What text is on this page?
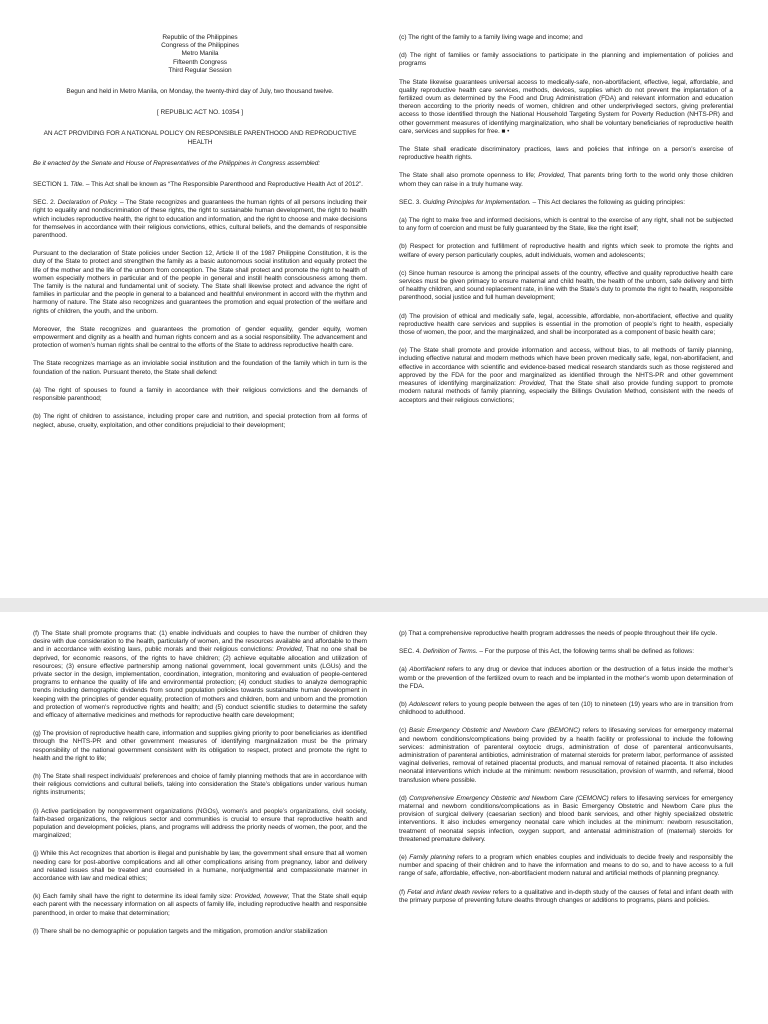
Republic of the Philippines

Congress of the Philippines

Metro Manila

Fifteenth Congress

Third Regular Session

Begun and held in Metro Manila, on Monday, the twenty-third day of July, two thousand twelve.

[ REPUBLIC ACT NO. 10354 ]

AN ACT PROVIDING FOR A NATIONAL POLICY ON RESPONSIBLE PARENTHOOD AND REPRODUCTIVE HEALTH

Be it enacted by the Senate and House of Representatives of the Philippines in Congress assembled:

SECTION 1. Title. – This Act shall be known as “The Responsible Parenthood and Reproductive Health Act of 2012”.

SEC. 2. Declaration of Policy. – The State recognizes and guarantees the human rights of all persons including their right to equality and nondiscrimination of these rights, the right to sustainable human development, the right to health which includes reproductive health, the right to education and information, and the right to choose and make decisions for themselves in accordance with their religious convictions, ethics, cultural beliefs, and the demands of responsible parenthood.

Pursuant to the declaration of State policies under Section 12, Article II of the 1987 Philippine Constitution, it is the duty of the State to protect and strengthen the family as a basic autonomous social institution and equally protect the life of the mother and the life of the unborn from conception. The State shall protect and promote the right to health of women especially mothers in particular and of the people in general and instill health consciousness among them. The family is the natural and fundamental unit of society. The State shall likewise protect and advance the right of families in particular and the people in general to a balanced and healthful environment in accord with the rhythm and harmony of nature. The State also recognizes and guarantees the promotion and equal protection of the welfare and rights of children, the youth, and the unborn.

Moreover, the State recognizes and guarantees the promotion of gender equality, gender equity, women empowerment and dignity as a health and human rights concern and as a social responsibility. The advancement and protection of women’s human rights shall be central to the efforts of the State to address reproductive health care.

The State recognizes marriage as an inviolable social institution and the foundation of the family which in turn is the foundation of the nation. Pursuant thereto, the State shall defend:

(a) The right of spouses to found a family in accordance with their religious convictions and the demands of responsible parenthood;

(b) The right of children to assistance, including proper care and nutrition, and special protection from all forms of neglect, abuse, cruelty, exploitation, and other conditions prejudicial to their development;

(c) The right of the family to a family living wage and income; and

(d) The right of families or family associations to participate in the planning and implementation of policies and programs

The State likewise guarantees universal access to medically-safe, non-abortifacient, effective, legal, affordable, and quality reproductive health care services, methods, devices, supplies which do not prevent the implantation of a fertilized ovum as determined by the Food and Drug Administration (FDA) and relevant information and education thereon according to the priority needs of women, children and other underprivileged sectors, giving preferential access to those identified through the National Household Targeting System for Poverty Reduction (NHTS-PR) and other government measures of identifying marginalization, who shall be voluntary beneficiaries of reproductive health care, services and supplies for free. ■ •

The State shall eradicate discriminatory practices, laws and policies that infringe on a person’s exercise of reproductive health rights.

The State shall also promote openness to life; Provided, That parents bring forth to the world only those children whom they can raise in a truly humane way.

SEC. 3. Guiding Principles for Implementation. – This Act declares the following as guiding principles:

(a) The right to make free and informed decisions, which is central to the exercise of any right, shall not be subjected to any form of coercion and must be fully guaranteed by the State, like the right itself;

(b) Respect for protection and fulfillment of reproductive health and rights which seek to promote the rights and welfare of every person particularly couples, adult individuals, women and adolescents;

(c) Since human resource is among the principal assets of the country, effective and quality reproductive health care services must be given primacy to ensure maternal and child health, the health of the unborn, safe delivery and birth of healthy children, and sound replacement rate, in line with the State’s duty to promote the right to health, responsible parenthood, social justice and full human development;

(d) The provision of ethical and medically safe, legal, accessible, affordable, non-abortifacient, effective and quality reproductive health care services and supplies is essential in the promotion of people’s right to health, especially those of women, the poor, and the marginalized, and shall be incorporated as a component of basic health care;

(e) The State shall promote and provide information and access, without bias, to all methods of family planning, including effective natural and modern methods which have been proven medically safe, legal, non-abortifacient, and effective in accordance with scientific and evidence-based medical research standards such as those registered and approved by the FDA for the poor and marginalized as identified through the NHTS-PR and other government measures of identifying marginalization: Provided, That the State shall also provide funding support to promote modern natural methods of family planning, especially the Billings Ovulation Method, consistent with the needs of acceptors and their religious convictions;

(f) The State shall promote programs that: (1) enable individuals and couples to have the number of children they desire with due consideration to the health, particularly of women, and the resources available and affordable to them and in accordance with existing laws, public morals and their religious convictions: Provided, That no one shall be deprived, for economic reasons, of the rights to have children; (2) achieve equitable allocation and utilization of resources; (3) ensure effective partnership among national government, local government units (LGUs) and the private sector in the design, implementation, coordination, integration, monitoring and evaluation of people-centered programs to enhance the quality of life and environmental protection; (4) conduct studies to analyze demographic trends including demographic dividends from sound population policies towards sustainable human development in keeping with the principles of gender equality, protection of mothers and children, born and unborn and the promotion and protection of women’s reproductive rights and health; and (5) conduct scientific studies to determine the safety and efficacy of alternative medicines and methods for reproductive health care development;

(g) The provision of reproductive health care, information and supplies giving priority to poor beneficiaries as identified through the NHTS-PR and other government measures of identifying marginalization must be the primary responsibility of the national government consistent with its obligation to respect, protect and promote the right to health and the right to life;

(h) The State shall respect individuals’ preferences and choice of family planning methods that are in accordance with their religious convictions and cultural beliefs, taking into consideration the State’s obligations under various human rights instruments;

(i) Active participation by nongovernment organizations (NGOs), women’s and people’s organizations, civil society, faith-based organizations, the religious sector and communities is crucial to ensure that reproductive health and population and development policies, plans, and programs will address the priority needs of women, the poor, and the marginalized;

(j) While this Act recognizes that abortion is illegal and punishable by law, the government shall ensure that all women needing care for post-abortive complications and all other complications arising from pregnancy, labor and delivery and related issues shall be treated and counseled in a humane, nonjudgmental and compassionate manner in accordance with law and medical ethics;

(k) Each family shall have the right to determine its ideal family size: Provided, however, That the State shall equip each parent with the necessary information on all aspects of family life, including reproductive health and responsible parenthood, in order to make that determination;

(l) There shall be no demographic or population targets and the mitigation, promotion and/or stabilization

(p) That a comprehensive reproductive health program addresses the needs of people throughout their life cycle.

SEC. 4. Definition of Terms. – For the purpose of this Act, the following terms shall be defined as follows:

(a) Abortifacient refers to any drug or device that induces abortion or the destruction of a fetus inside the mother’s womb or the prevention of the fertilized ovum to reach and be implanted in the mother’s womb upon determination of the FDA.

(b) Adolescent refers to young people between the ages of ten (10) to nineteen (19) years who are in transition from childhood to adulthood.

(c) Basic Emergency Obstetric and Newborn Care (BEMONC) refers to lifesaving services for emergency maternal and newborn conditions/complications being provided by a health facility or professional to include the following services: administration of parenteral oxytocic drugs, administration of dose of parenteral anticonvulsants, administration of parenteral antibiotics, administration of maternal steroids for preterm labor, performance of assisted vaginal deliveries, removal of retained placental products, and manual removal of retained placenta. It also includes neonatal interventions which include at the minimum: newborn resuscitation, provision of warmth, and referral, blood transfusion where possible.

(d) Comprehensive Emergency Obstetric and Newborn Care (CEMONC) refers to lifesaving services for emergency maternal and newborn conditions/complications as in Basic Emergency Obstetric and Newborn Care plus the provision of surgical delivery (caesarian section) and blood bank services, and other highly specialized obstetric interventions. It also includes emergency neonatal care which includes at the minimum: newborn resuscitation, treatment of neonatal sepsis infection, oxygen support, and antenatal administration of (maternal) steroids for threatened premature delivery.

(e) Family planning refers to a program which enables couples and individuals to decide freely and responsibly the number and spacing of their children and to have the information and means to do so, and to have access to a full range of safe, affordable, effective, non-abortifacient modern natural and artificial methods of planning pregnancy.

(f) Fetal and infant death review refers to a qualitative and in-depth study of the causes of fetal and infant death with the primary purpose of preventing future deaths through changes or additions to programs, plans and policies.
